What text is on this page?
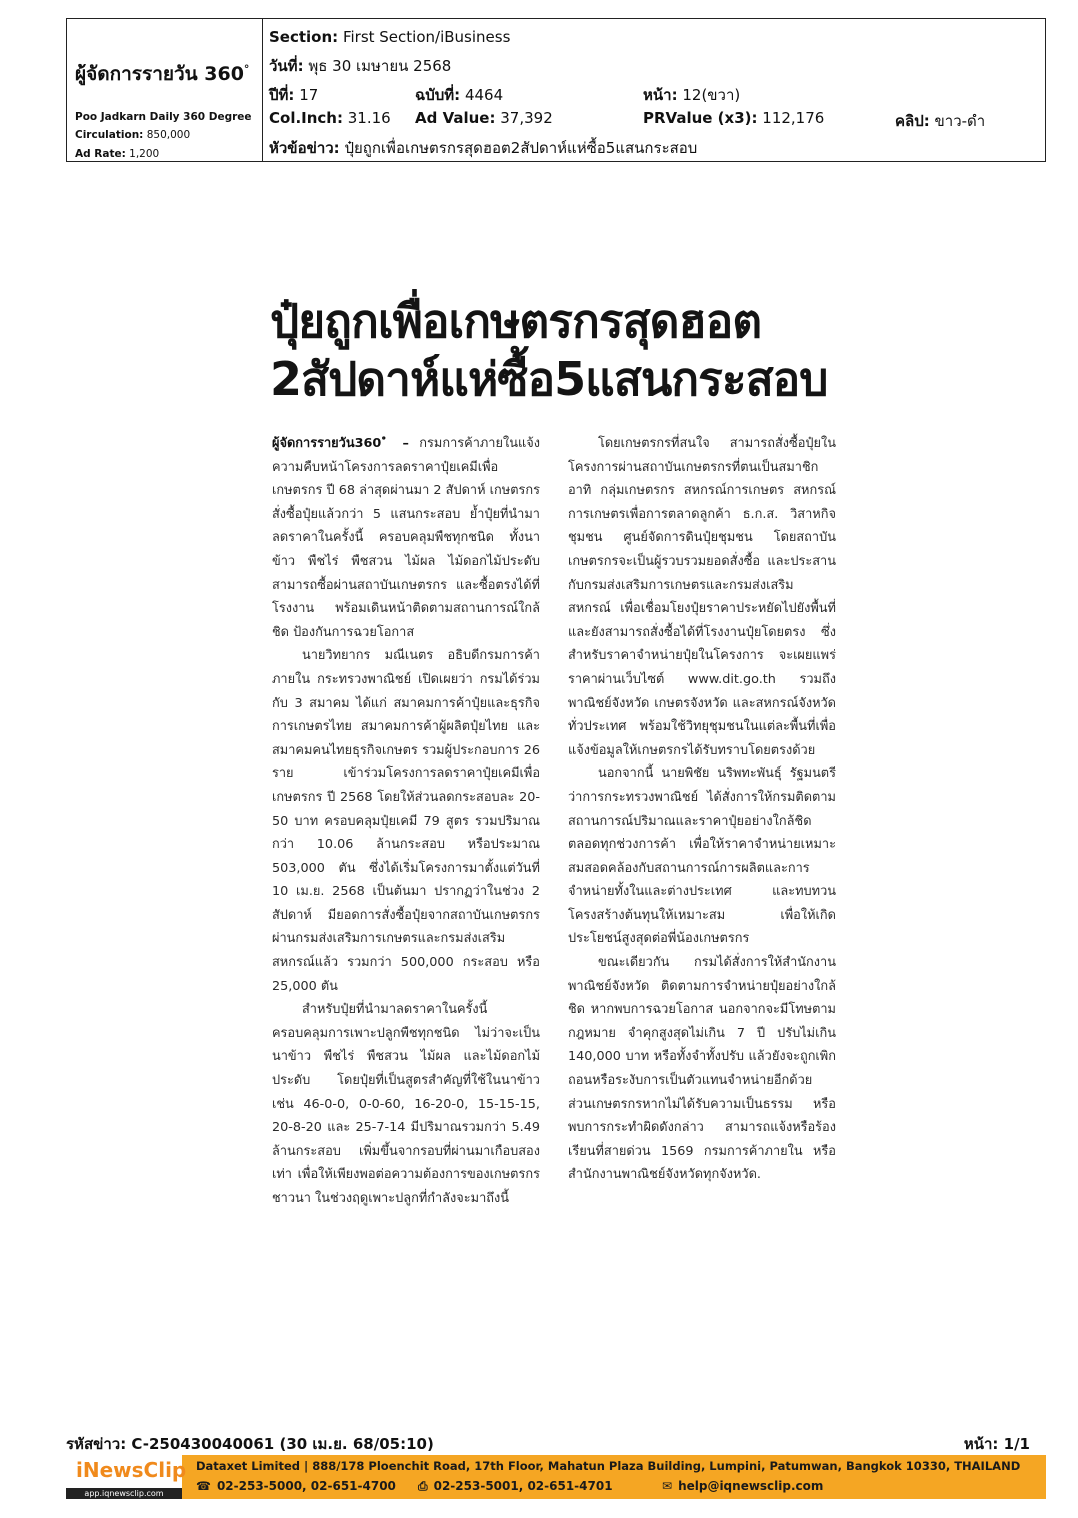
ผู้จัดการรายวัน 360°
Poo Jadkarn Daily 360 Degree
Circulation: 850,000
Ad Rate: 1,200
Section: First Section/iBusiness
วันที่: พุธ 30 เมษายน 2568
ปีที่: 17	ฉบับที่: 4464	หน้า: 12(ขวา)
Col.Inch: 31.16 Ad Value: 37,392	PRValue (x3): 112,176	คลิป: ขาว-ดำ
หัวข้อข่าว: ปุ๋ยถูกเพื่อเกษตรกรสุดฮอต2สัปดาห์แห่ซื้อ5แสนกระสอบ
ปุ๋ยถูกเพื่อเกษตรกรสุดฮอต
2สัปดาห์แห่ซื้อ5แสนกระสอบ

ผู้จัดการรายวัน360 ํ – กรมการค้าภายในแจ้งความคืบหน้าโครงการลดราคาปุ๋ยเคมีเพื่อเกษตรกร ปี 68 ล่าสุดผ่านมา 2 สัปดาห์ เกษตรกรสั่งซื้อปุ๋ยแล้วกว่า 5 แสนกระสอบ ย้ำปุ๋ยที่นำมาลดราคาในครั้งนี้ ครอบคลุมพืชทุกชนิด ทั้งนาข้าว พืชไร่ พืชสวน ไม้ผล ไม้ดอกไม้ประดับ สามารถซื้อผ่านสถาบันเกษตรกร และซื้อตรงได้ที่โรงงาน พร้อมเดินหน้าติดตามสถานการณ์ใกล้ชิด ป้องกันการฉวยโอกาส

นายวิทยากร มณีเนตร อธิบดีกรมการค้าภายใน กระทรวงพาณิชย์ เปิดเผยว่า กรมได้ร่วมกับ 3 สมาคม ได้แก่ สมาคมการค้าปุ๋ยและธุรกิจการเกษตรไทย สมาคมการค้าผู้ผลิตปุ๋ยไทย และสมาคมคนไทยธุรกิจเกษตร รวมผู้ประกอบการ 26 ราย เข้าร่วมโครงการลดราคาปุ๋ยเคมีเพื่อเกษตรกร ปี 2568 โดยให้ส่วนลดกระสอบละ 20-50 บาท ครอบคลุมปุ๋ยเคมี 79 สูตร รวมปริมาณกว่า 10.06 ล้านกระสอบ หรือประมาณ 503,000 ตัน ซึ่งได้เริ่มโครงการมาตั้งแต่วันที่ 10 เม.ย. 2568 เป็นต้นมา ปรากฏว่าในช่วง 2 สัปดาห์ มียอดการสั่งซื้อปุ๋ยจากสถาบันเกษตรกรผ่านกรมส่งเสริมการเกษตรและกรมส่งเสริมสหกรณ์แล้ว รวมกว่า 500,000 กระสอบ หรือ 25,000 ตัน

สำหรับปุ๋ยที่นำมาลดราคาในครั้งนี้ ครอบคลุมการเพาะปลูกพืชทุกชนิด ไม่ว่าจะเป็นนาข้าว พืชไร่ พืชสวน ไม้ผล และไม้ดอกไม้ประดับ โดยปุ๋ยที่เป็นสูตรสำคัญที่ใช้ในนาข้าว เช่น 46-0-0, 0-0-60, 16-20-0, 15-15-15, 20-8-20 และ 25-7-14 มีปริมาณรวมกว่า 5.49 ล้านกระสอบ เพิ่มขึ้นจากรอบที่ผ่านมาเกือบสองเท่า เพื่อให้เพียงพอต่อความต้องการของเกษตรกรชาวนา ในช่วงฤดูเพาะปลูกที่กำลังจะมาถึงนี้

โดยเกษตรกรที่สนใจ สามารถสั่งซื้อปุ๋ยในโครงการผ่านสถาบันเกษตรกรที่ตนเป็นสมาชิก อาทิ กลุ่มเกษตรกร สหกรณ์การเกษตร สหกรณ์การเกษตรเพื่อการตลาดลูกค้า ธ.ก.ส. วิสาหกิจชุมชน ศูนย์จัดการดินปุ๋ยชุมชน โดยสถาบันเกษตรกรจะเป็นผู้รวบรวมยอดสั่งซื้อ และประสานกับกรมส่งเสริมการเกษตรและกรมส่งเสริมสหกรณ์ เพื่อเชื่อมโยงปุ๋ยราคาประหยัดไปยังพื้นที่ และยังสามารถสั่งซื้อได้ที่โรงงานปุ๋ยโดยตรง ซึ่งสำหรับราคาจำหน่ายปุ๋ยในโครงการ จะเผยแพร่ราคาผ่านเว็บไซต์ www.dit.go.th รวมถึงพาณิชย์จังหวัด เกษตรจังหวัด และสหกรณ์จังหวัดทั่วประเทศ พร้อมใช้วิทยุชุมชนในแต่ละพื้นที่เพื่อแจ้งข้อมูลให้เกษตรกรได้รับทราบโดยตรงด้วย

นอกจากนี้ นายพิชัย นริพทะพันธุ์ รัฐมนตรีว่าการกระทรวงพาณิชย์ ได้สั่งการให้กรมติดตามสถานการณ์ปริมาณและราคาปุ๋ยอย่างใกล้ชิดตลอดทุกช่วงการค้า เพื่อให้ราคาจำหน่ายเหมาะสมสอดคล้องกับสถานการณ์การผลิตและการจำหน่ายทั้งในและต่างประเทศ และทบทวนโครงสร้างต้นทุนให้เหมาะสม เพื่อให้เกิดประโยชน์สูงสุดต่อพี่น้องเกษตรกร

ขณะเดียวกัน กรมได้สั่งการให้สำนักงานพาณิชย์จังหวัด ติดตามการจำหน่ายปุ๋ยอย่างใกล้ชิด หากพบการฉวยโอกาส นอกจากจะมีโทษตามกฎหมาย จำคุกสูงสุดไม่เกิน 7 ปี ปรับไม่เกิน 140,000 บาท หรือทั้งจำทั้งปรับ แล้วยังจะถูกเพิกถอนหรือระงับการเป็นตัวแทนจำหน่ายอีกด้วย ส่วนเกษตรกรหากไม่ได้รับความเป็นธรรม หรือพบการกระทำผิดดังกล่าว สามารถแจ้งหรือร้องเรียนที่สายด่วน 1569 กรมการค้าภายใน หรือสำนักงานพาณิชย์จังหวัดทุกจังหวัด.

รหัสข่าว: C-250430040061 (30 เม.ย. 68/05:10)	หน้า: 1/1
iNewsClip
app.iqnewsclip.com
Dataxet Limited | 888/178 Ploenchit Road, 17th Floor, Mahatun Plaza Building, Lumpini, Patumwan, Bangkok 10330, THAILAND
☎ 02-253-5000, 02-651-4700 ⎙ 02-253-5001, 02-651-4701	✉ help@iqnewsclip.com
